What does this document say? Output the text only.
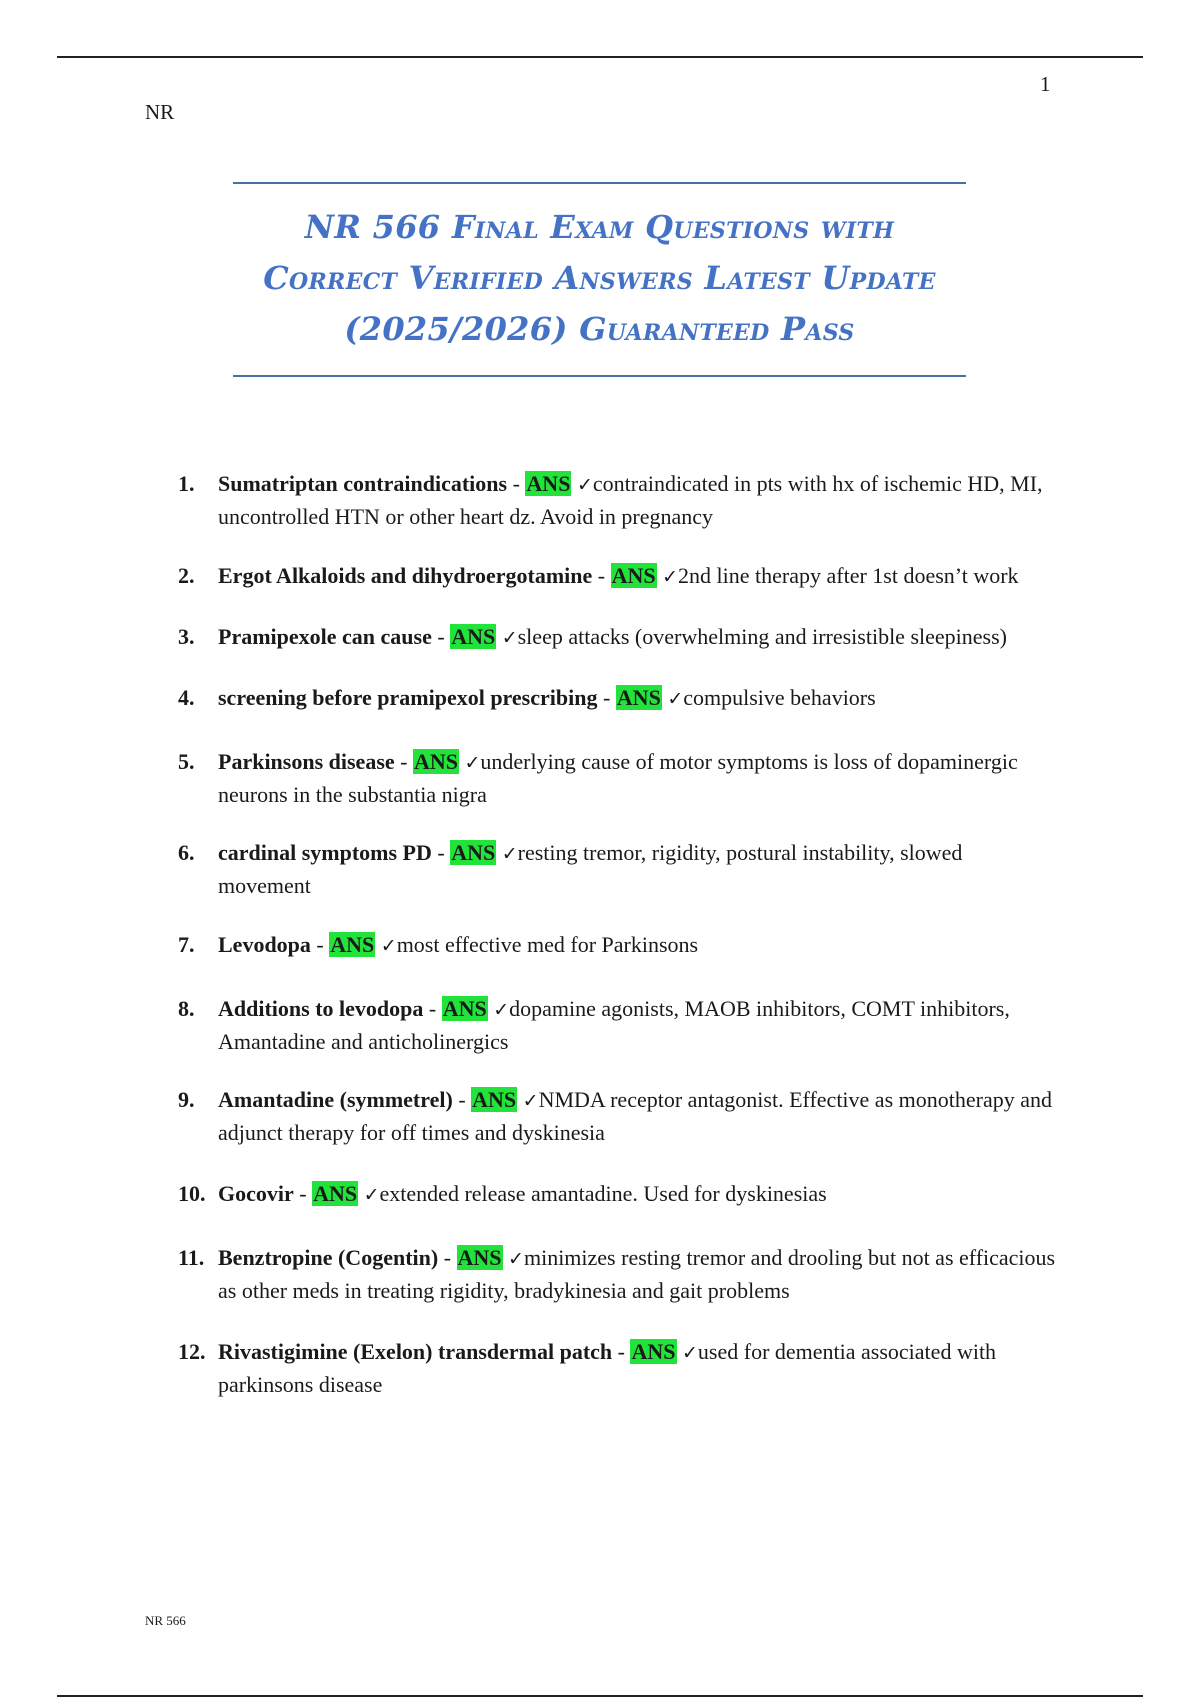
1
NR
NR 566 Final Exam Questions with
Correct Verified Answers Latest Update
(2025/2026) Guaranteed Pass
1. Sumatriptan contraindications - ANS ✓contraindicated in pts with hx of ischemic HD, MI, uncontrolled HTN or other heart dz. Avoid in pregnancy
2. Ergot Alkaloids and dihydroergotamine - ANS ✓2nd line therapy after 1st doesn’t work
3. Pramipexole can cause - ANS ✓sleep attacks (overwhelming and irresistible sleepiness)
4. screening before pramipexol prescribing - ANS ✓compulsive behaviors
5. Parkinsons disease - ANS ✓underlying cause of motor symptoms is loss of dopaminergic neurons in the substantia nigra
6. cardinal symptoms PD - ANS ✓resting tremor, rigidity, postural instability, slowed movement
7. Levodopa - ANS ✓most effective med for Parkinsons
8. Additions to levodopa - ANS ✓dopamine agonists, MAOB inhibitors, COMT inhibitors, Amantadine and anticholinergics
9. Amantadine (symmetrel) - ANS ✓NMDA receptor antagonist. Effective as monotherapy and adjunct therapy for off times and dyskinesia
10. Gocovir - ANS ✓extended release amantadine. Used for dyskinesias
11. Benztropine (Cogentin) - ANS ✓minimizes resting tremor and drooling but not as efficacious as other meds in treating rigidity, bradykinesia and gait problems
12. Rivastigimine (Exelon) transdermal patch - ANS ✓used for dementia associated with parkinsons disease
NR 566
